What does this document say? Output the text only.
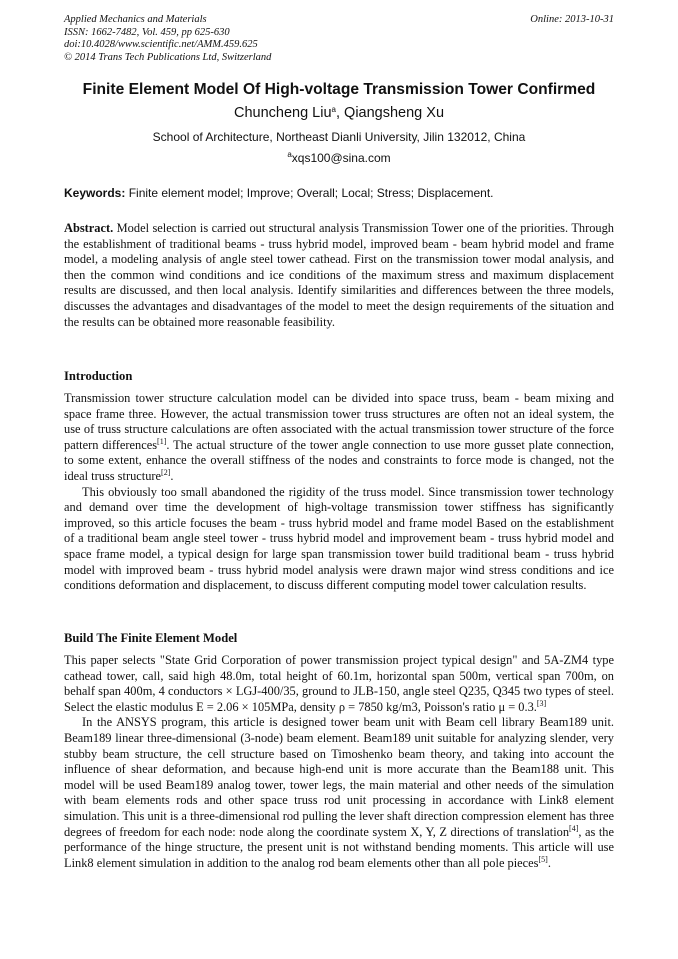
Applied Mechanics and Materials
ISSN: 1662-7482, Vol. 459, pp 625-630
doi:10.4028/www.scientific.net/AMM.459.625
© 2014 Trans Tech Publications Ltd, Switzerland
Online: 2013-10-31
Finite Element Model Of High-voltage Transmission Tower Confirmed
Chuncheng Liu$^a$, Qiangsheng Xu
School of Architecture, Northeast Dianli University, Jilin 132012, China
$^a$xqs100@sina.com
Keywords: Finite element model; Improve; Overall; Local; Stress; Displacement.

Abstract. Model selection is carried out structural analysis Transmission Tower one of the priorities. Through the establishment of traditional beams - truss hybrid model, improved beam - beam hybrid model and frame model, a modeling analysis of angle steel tower cathead. First on the transmission tower modal analysis, and then the common wind conditions and ice conditions of the maximum stress and maximum displacement results are discussed, and then local analysis. Identify similarities and differences between the three models, discusses the advantages and disadvantages of the model to meet the design requirements of the situation and the results can be obtained more reasonable feasibility.

Introduction

Transmission tower structure calculation model can be divided into space truss, beam - beam mixing and space frame three. However, the actual transmission tower truss structures are often not an ideal system, the use of truss structure calculations are often associated with the actual transmission tower structure of the force pattern differences[1]. The actual structure of the tower angle connection to use more gusset plate connection, to some extent, enhance the overall stiffness of the nodes and constraints to force mode is changed, not the ideal truss structure[2].

This obviously too small abandoned the rigidity of the truss model. Since transmission tower technology and demand over time the development of high-voltage transmission tower stiffness has significantly improved, so this article focuses the beam - truss hybrid model and frame model Based on the establishment of a traditional beam angle steel tower - truss hybrid model and improvement beam - truss hybrid model and space frame model, a typical design for large span transmission tower build traditional beam - truss hybrid model with improved beam - truss hybrid model analysis were drawn major wind stress conditions and ice conditions deformation and displacement, to discuss different computing model tower calculation results.

Build The Finite Element Model

This paper selects "State Grid Corporation of power transmission project typical design" and 5A-ZM4 type cathead tower, call, said high 48.0m, total height of 60.1m, horizontal span 500m, vertical span 700m, on behalf span 400m, 4 conductors × LGJ-400/35, ground to JLB-150, angle steel Q235, Q345 two types of steel. Select the elastic modulus E = 2.06 × 105MPa, density ρ = 7850 kg/m3, Poisson's ratio μ = 0.3.[3]

In the ANSYS program, this article is designed tower beam unit with Beam cell library Beam189 unit. Beam189 linear three-dimensional (3-node) beam element. Beam189 unit suitable for analyzing slender, very stubby beam structure, the cell structure based on Timoshenko beam theory, and taking into account the influence of shear deformation, and because high-end unit is more accurate than the Beam188 unit. This model will be used Beam189 analog tower, tower legs, the main material and other needs of the simulation with beam elements rods and other space truss rod unit processing in accordance with Link8 element simulation. This unit is a three-dimensional rod pulling the lever shaft direction compression element has three degrees of freedom for each node: node along the coordinate system X, Y, Z directions of translation[4], as the performance of the hinge structure, the present unit is not withstand bending moments. This article will use Link8 element simulation in addition to the analog rod beam elements other than all pole pieces[5].
